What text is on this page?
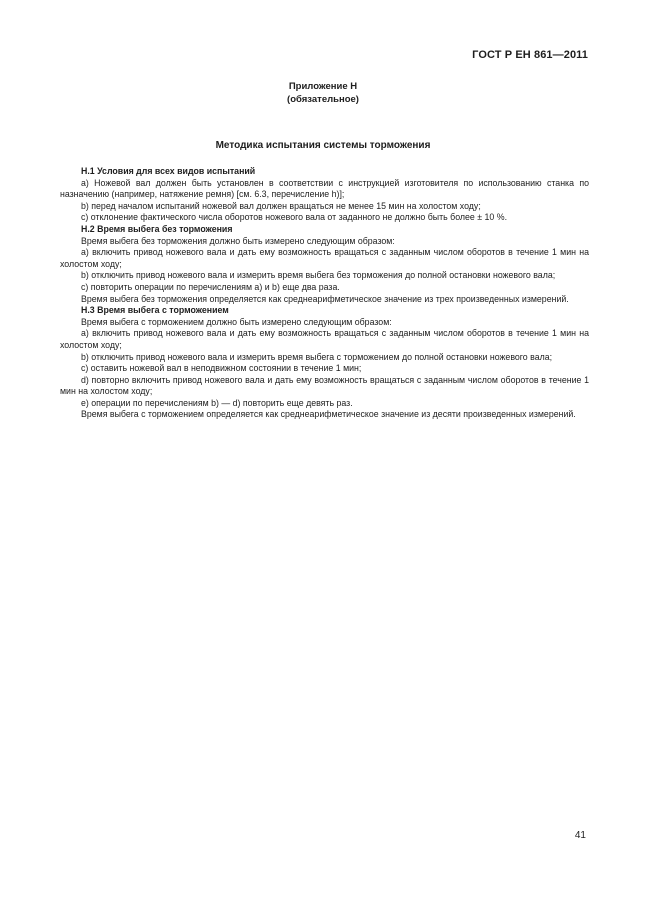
ГОСТ Р ЕН 861—2011
Приложение Н
(обязательное)
Методика испытания системы торможения

Н.1 Условия для всех видов испытаний

а) Ножевой вал должен быть установлен в соответствии с инструкцией изготовителя по использованию станка по назначению (например, натяжение ремня) [см. 6.3, перечисление h)];

b) перед началом испытаний ножевой вал должен вращаться не менее 15 мин на холостом ходу;

с) отклонение фактического числа оборотов ножевого вала от заданного не должно быть более ± 10 %.

Н.2 Время выбега без торможения

Время выбега без торможения должно быть измерено следующим образом:

а) включить привод ножевого вала и дать ему возможность вращаться с заданным числом оборотов в течение 1 мин на холостом ходу;

b) отключить привод ножевого вала и измерить время выбега без торможения до полной остановки ножевого вала;

с) повторить операции по перечислениям а) и b) еще два раза.

Время выбега без торможения определяется как среднеарифметическое значение из трех произведенных измерений.

Н.3 Время выбега с торможением

Время выбега с торможением должно быть измерено следующим образом:

а) включить привод ножевого вала и дать ему возможность вращаться с заданным числом оборотов в течение 1 мин на холостом ходу;

b) отключить привод ножевого вала и измерить время выбега с торможением до полной остановки ножевого вала;

с) оставить ножевой вал в неподвижном состоянии в течение 1 мин;

d) повторно включить привод ножевого вала и дать ему возможность вращаться с заданным числом оборотов в течение 1 мин на холостом ходу;

е) операции по перечислениям b) — d) повторить еще девять раз.

Время выбега с торможением определяется как среднеарифметическое значение из десяти произведенных измерений.

41
